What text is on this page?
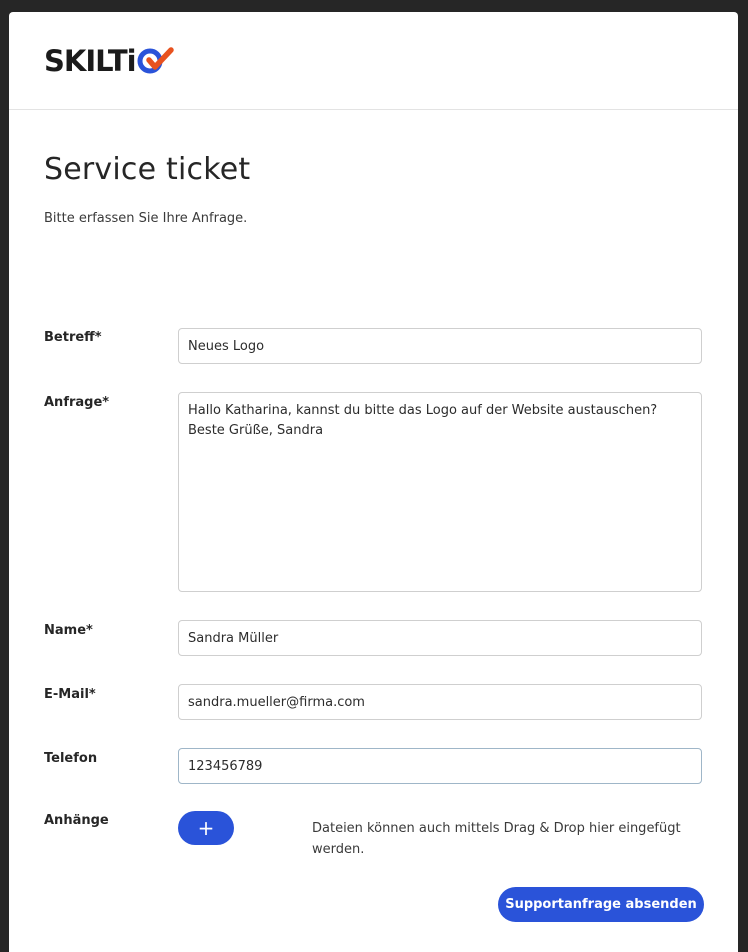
SKILTi
Service ticket
Bitte erfassen Sie Ihre Anfrage.
Betreff*
Neues Logo
Anfrage*
Hallo Katharina, kannst du bitte das Logo auf der Website austauschen? Beste Grüße, Sandra
Name*
Sandra Müller
E-Mail*
sandra.mueller@firma.com
Telefon
123456789
Anhänge	+	Dateien können auch mittels Drag & Drop hier eingefügt werden.
Supportanfrage absenden
